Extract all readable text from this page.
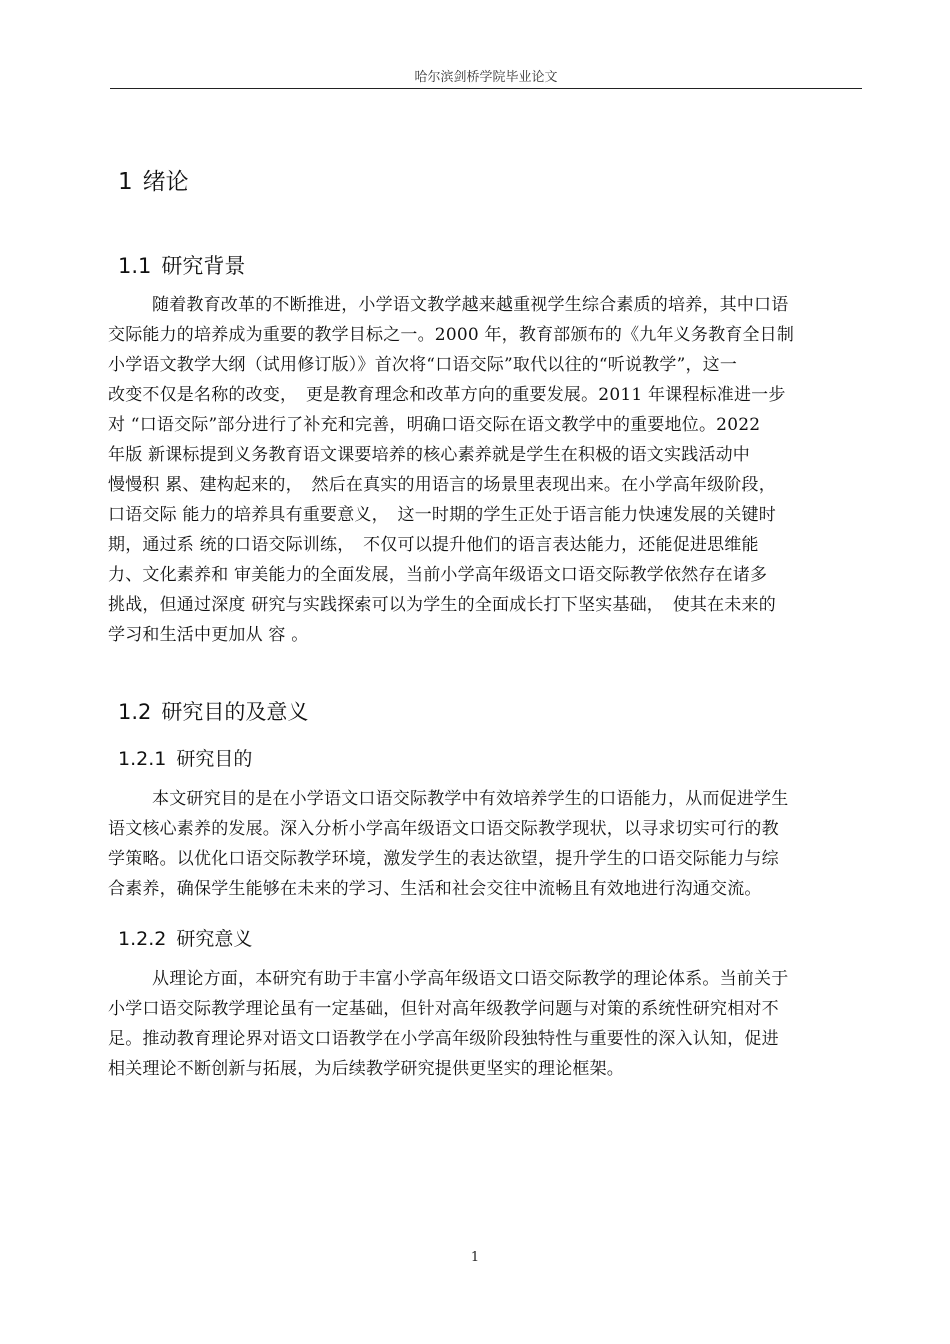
哈尔滨剑桥学院毕业论文
1 绪论
1.1 研究背景
随着教育改革的不断推进，小学语文教学越来越重视学生综合素质的培养，其中口语
交际能力的培养成为重要的教学目标之一。2000 年，教育部颁布的《九年义务教育全日制
小学语文教学大纲（试用修订版）》首次将“口语交际”取代以往的“听说教学”，这一
改变不仅是名称的改变，　更是教育理念和改革方向的重要发展。2011 年课程标准进一步
对 “口语交际”部分进行了补充和完善，明确口语交际在语文教学中的重要地位。2022
年版 新课标提到义务教育语文课要培养的核心素养就是学生在积极的语文实践活动中
慢慢积 累、建构起来的，　然后在真实的用语言的场景里表现出来。在小学高年级阶段，
口语交际 能力的培养具有重要意义，　这一时期的学生正处于语言能力快速发展的关键时
期，通过系 统的口语交际训练，　不仅可以提升他们的语言表达能力，还能促进思维能
力、文化素养和 审美能力的全面发展，当前小学高年级语文口语交际教学依然存在诸多
挑战，但通过深度 研究与实践探索可以为学生的全面成长打下坚实基础，　使其在未来的
学习和生活中更加从 容 。
1.2 研究目的及意义
1.2.1 研究目的
本文研究目的是在小学语文口语交际教学中有效培养学生的口语能力，从而促进学生
语文核心素养的发展。深入分析小学高年级语文口语交际教学现状，以寻求切实可行的教
学策略。以优化口语交际教学环境，激发学生的表达欲望，提升学生的口语交际能力与综
合素养，确保学生能够在未来的学习、生活和社会交往中流畅且有效地进行沟通交流。
1.2.2 研究意义
从理论方面，本研究有助于丰富小学高年级语文口语交际教学的理论体系。当前关于
小学口语交际教学理论虽有一定基础，但针对高年级教学问题与对策的系统性研究相对不
足。推动教育理论界对语文口语教学在小学高年级阶段独特性与重要性的深入认知，促进
相关理论不断创新与拓展，为后续教学研究提供更坚实的理论框架。
1
